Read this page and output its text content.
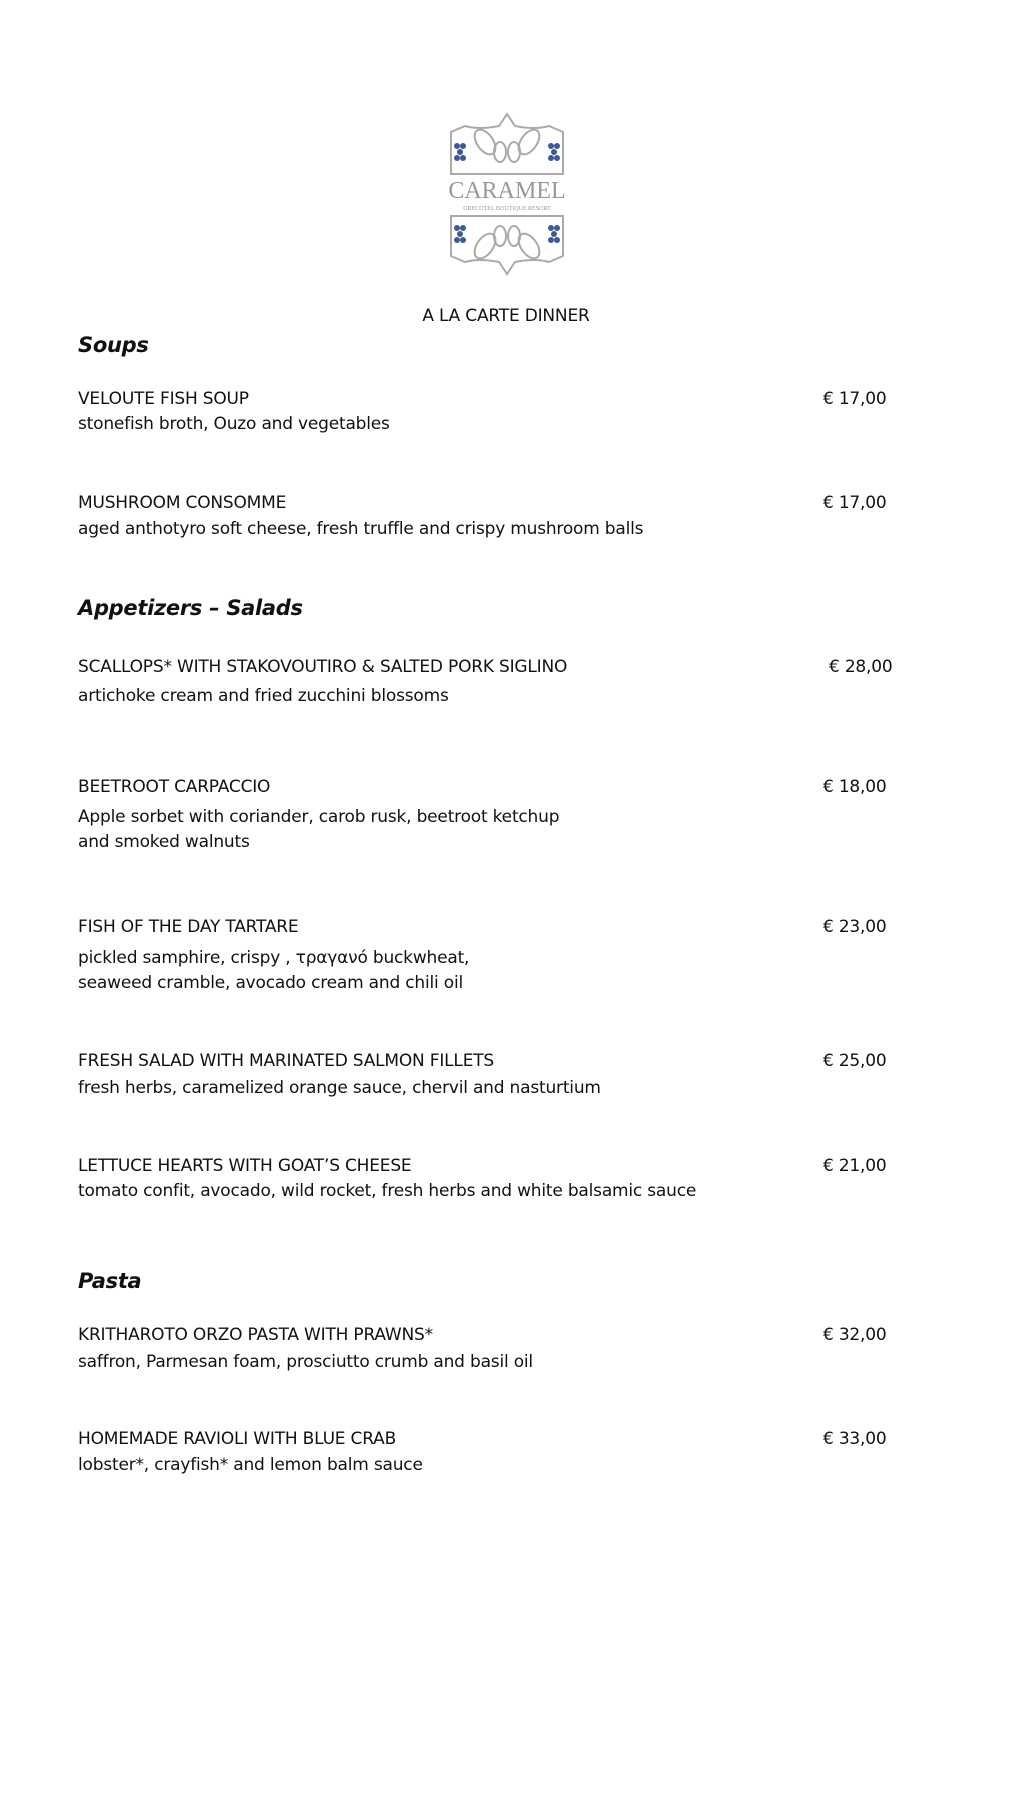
CARAMEL
GRECOTEL BOUTIQUE RESORT
A LA CARTE DINNER
Soups
VELOUTE FISH SOUP	€ 17,00
stonefish broth, Ouzo and vegetables
MUSHROOM CONSOMME	€ 17,00
aged anthotyro soft cheese, fresh truffle and crispy mushroom balls
Appetizers – Salads
SCALLOPS* WITH STAKOVOUTIRO & SALTED PORK SIGLINO	€ 28,00
artichoke cream and fried zucchini blossoms
BEETROOT CARPACCIO	€ 18,00
Apple sorbet with coriander, carob rusk, beetroot ketchup
and smoked walnuts
FISH OF THE DAY TARTARE	€ 23,00
pickled samphire, crispy , τραγανό buckwheat,
seaweed cramble, avocado cream and chili oil
FRESH SALAD WITH MARINATED SALMON FILLETS	€ 25,00
fresh herbs, caramelized orange sauce, chervil and nasturtium
LETTUCE HEARTS WITH GOAT’S CHEESE	€ 21,00
tomato confit, avocado, wild rocket, fresh herbs and white balsamic sauce
Pasta
KRITHAROTO ORZO PASTA WITH PRAWNS*	€ 32,00
saffron, Parmesan foam, prosciutto crumb and basil oil
HOMEMADE RAVIOLI WITH BLUE CRAB	€ 33,00
lobster*, crayfish* and lemon balm sauce
